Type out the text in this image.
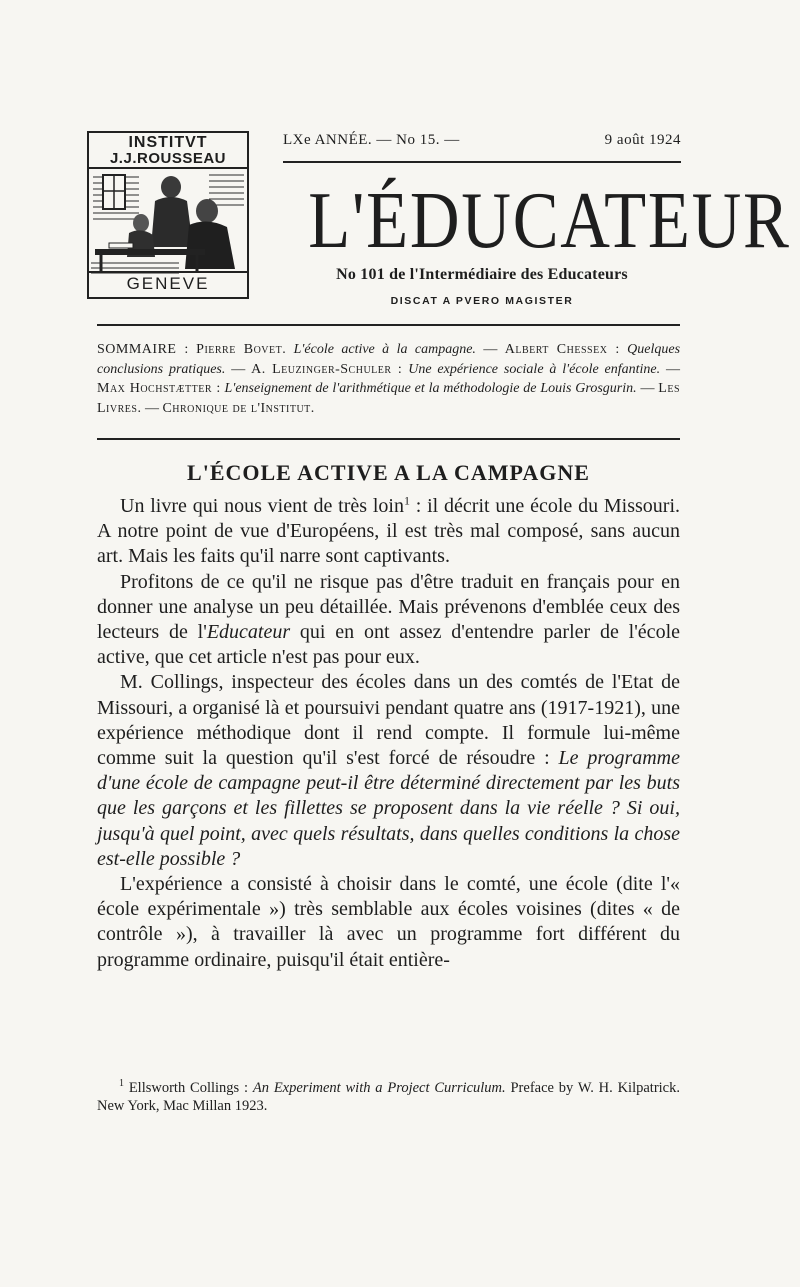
INSTITVT
J.J.ROUSSEAU
GENEVE
LXe ANNÉE. — No 15. —	9 août 1924
L'ÉDUCATEUR
No 101 de l'Intermédiaire des Educateurs
DISCAT A PVERO MAGISTER
SOMMAIRE : Pierre Bovet. L'école active à la campagne. — Albert Chessex : Quelques conclusions pratiques. — A. Leuzinger-Schuler : Une expérience sociale à l'école enfantine. — Max Hochstætter : L'enseignement de l'arithmétique et la méthodologie de Louis Grosgurin. — Les Livres. — Chronique de l'Institut.
L'ÉCOLE ACTIVE A LA CAMPAGNE

Un livre qui nous vient de très loin$^1$ : il décrit une école du Missouri. A notre point de vue d'Européens, il est très mal composé, sans aucun art. Mais les faits qu'il narre sont captivants.

Profitons de ce qu'il ne risque pas d'être traduit en français pour en donner une analyse un peu détaillée. Mais prévenons d'emblée ceux des lecteurs de l'Educateur qui en ont assez d'entendre parler de l'école active, que cet article n'est pas pour eux.

M. Collings, inspecteur des écoles dans un des comtés de l'Etat de Missouri, a organisé là et poursuivi pendant quatre ans (1917-1921), une expérience méthodique dont il rend compte. Il formule lui-même comme suit la question qu'il s'est forcé de résoudre : Le programme d'une école de campagne peut-il être déterminé directement par les buts que les garçons et les fillettes se proposent dans la vie réelle ? Si oui, jusqu'à quel point, avec quels résultats, dans quelles conditions la chose est-elle possible ?

L'expérience a consisté à choisir dans le comté, une école (dite l'« école expérimentale ») très semblable aux écoles voisines (dites « de contrôle »), à travailler là avec un programme fort différent du programme ordinaire, puisqu'il était entière-

$^1$ Ellsworth Collings : An Experiment with a Project Curriculum. Preface by W. H. Kilpatrick. New York, Mac Millan 1923.
